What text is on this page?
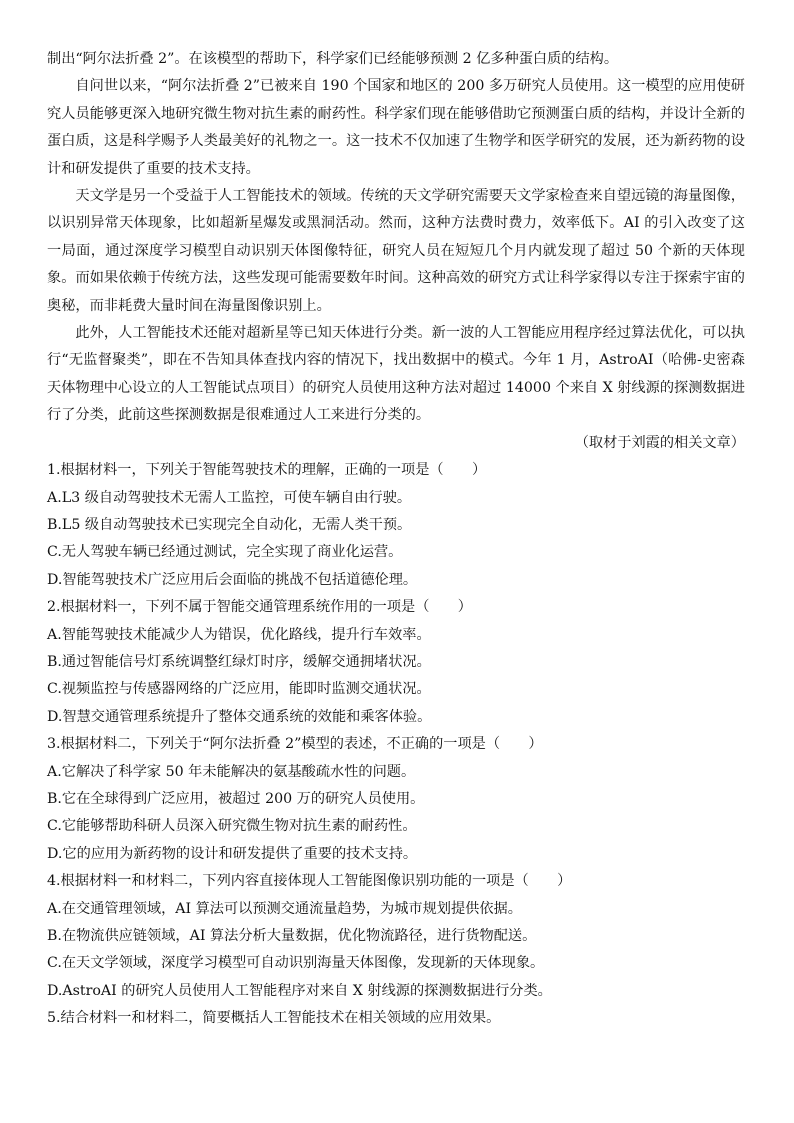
制出“阿尔法折叠 2”。在该模型的帮助下，科学家们已经能够预测 2 亿多种蛋白质的结构。

自问世以来，“阿尔法折叠 2”已被来自 190 个国家和地区的 200 多万研究人员使用。这一模型的应用使研究人员能够更深入地研究微生物对抗生素的耐药性。科学家们现在能够借助它预测蛋白质的结构，并设计全新的蛋白质，这是科学赐予人类最美好的礼物之一。这一技术不仅加速了生物学和医学研究的发展，还为新药物的设计和研发提供了重要的技术支持。

天文学是另一个受益于人工智能技术的领域。传统的天文学研究需要天文学家检查来自望远镜的海量图像，以识别异常天体现象，比如超新星爆发或黑洞活动。然而，这种方法费时费力，效率低下。AI 的引入改变了这一局面，通过深度学习模型自动识别天体图像特征，研究人员在短短几个月内就发现了超过 50 个新的天体现象。而如果依赖于传统方法，这些发现可能需要数年时间。这种高效的研究方式让科学家得以专注于探索宇宙的奥秘，而非耗费大量时间在海量图像识别上。

此外，人工智能技术还能对超新星等已知天体进行分类。新一波的人工智能应用程序经过算法优化，可以执行“无监督聚类”，即在不告知具体查找内容的情况下，找出数据中的模式。今年 1 月，AstroAI（哈佛-史密森天体物理中心设立的人工智能试点项目）的研究人员使用这种方法对超过 14000 个来自 X 射线源的探测数据进行了分类，此前这些探测数据是很难通过人工来进行分类的。

（取材于刘霞的相关文章）

1.根据材料一，下列关于智能驾驶技术的理解，正确的一项是（　　）

A.L3 级自动驾驶技术无需人工监控，可使车辆自由行驶。

B.L5 级自动驾驶技术已实现完全自动化，无需人类干预。

C.无人驾驶车辆已经通过测试，完全实现了商业化运营。

D.智能驾驶技术广泛应用后会面临的挑战不包括道德伦理。

2.根据材料一，下列不属于智能交通管理系统作用的一项是（　　）

A.智能驾驶技术能减少人为错误，优化路线，提升行车效率。

B.通过智能信号灯系统调整红绿灯时序，缓解交通拥堵状况。

C.视频监控与传感器网络的广泛应用，能即时监测交通状况。

D.智慧交通管理系统提升了整体交通系统的效能和乘客体验。

3.根据材料二，下列关于“阿尔法折叠 2”模型的表述，不正确的一项是（　　）

A.它解决了科学家 50 年未能解决的氨基酸疏水性的问题。

B.它在全球得到广泛应用，被超过 200 万的研究人员使用。

C.它能够帮助科研人员深入研究微生物对抗生素的耐药性。

D.它的应用为新药物的设计和研发提供了重要的技术支持。

4.根据材料一和材料二，下列内容直接体现人工智能图像识别功能的一项是（　　）

A.在交通管理领域，AI 算法可以预测交通流量趋势，为城市规划提供依据。

B.在物流供应链领域，AI 算法分析大量数据，优化物流路径，进行货物配送。

C.在天文学领域，深度学习模型可自动识别海量天体图像，发现新的天体现象。

D.AstroAI 的研究人员使用人工智能程序对来自 X 射线源的探测数据进行分类。

5.结合材料一和材料二，简要概括人工智能技术在相关领域的应用效果。
